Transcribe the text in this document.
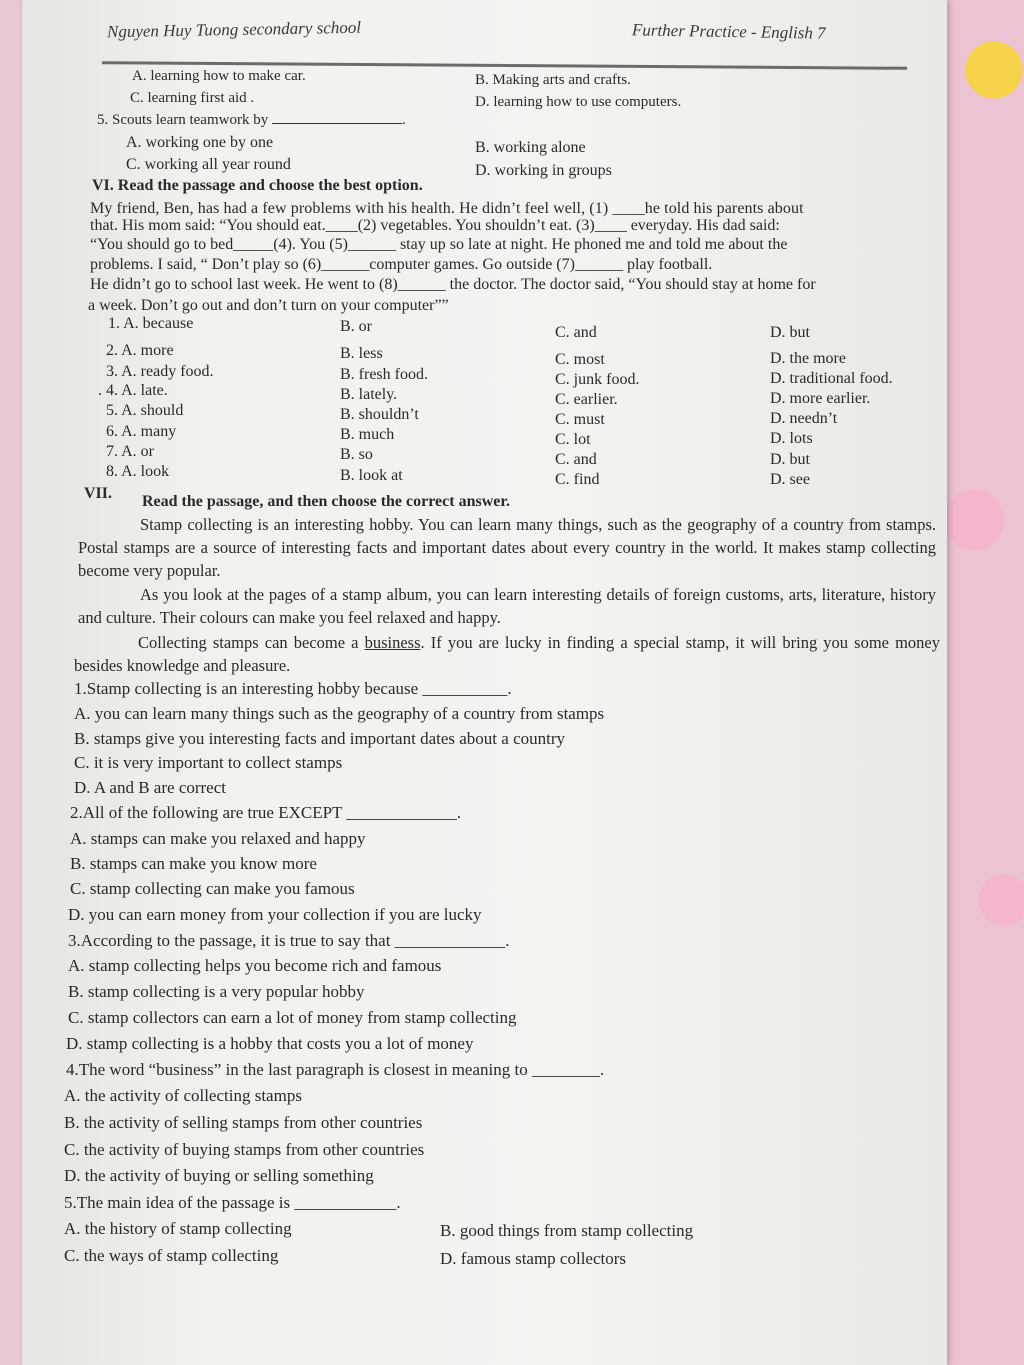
Nguyen Huy Tuong secondary school	Further Practice - English 7
A. learning how to make car.	B. Making arts and crafts.
C. learning first aid .	D. learning how to use computers.
5. Scouts learn teamwork by	.
A. working one by one	B. working alone
C. working all year round	D. working in groups
VI. Read the passage and choose the best option.
My friend, Ben, has had a few problems with his health. He didn’t feel well, (1) ____he told his parents about
that. His mom said: “You should eat.____(2) vegetables. You shouldn’t eat. (3)____ everyday. His dad said:
“You should go to bed_____(4). You (5)______ stay up so late at night. He phoned me and told me about the
problems. I said, “ Don’t play so (6)______computer games. Go outside (7)______ play football.
He didn’t go to school last week. He went to (8)______ the doctor. The doctor said, “You should stay at home for
a week. Don’t go out and don’t turn on your computer””
1. A. because	B. or	C. and	D. but
2. A. more	B. less	C. most	D. the more
3. A. ready food.	B. fresh food.	C. junk food.	D. traditional food.
. 4. A. late.	B. lately.	C. earlier.	D. more earlier.
5. A. should	B. shouldn’t	C. must	D. needn’t
6. A. many	B. much	C. lot	D. lots
7. A. or	B. so	C. and	D. but
8. A. look	B. look at	C. find	D. see
VII. Read the passage, and then choose the correct answer.
Stamp collecting is an interesting hobby. You can learn many things, such as the geography of a country from stamps. Postal stamps are a source of interesting facts and important dates about every country in the world. It makes stamp collecting become very popular.
As you look at the pages of a stamp album, you can learn interesting details of foreign customs, arts, literature, history and culture. Their colours can make you feel relaxed and happy.
Collecting stamps can become a business. If you are lucky in finding a special stamp, it will bring you some money besides knowledge and pleasure.
1.Stamp collecting is an interesting hobby because __________.
A. you can learn many things such as the geography of a country from stamps
B. stamps give you interesting facts and important dates about a country
C. it is very important to collect stamps
D. A and B are correct
2.All of the following are true EXCEPT _____________.
A. stamps can make you relaxed and happy
B. stamps can make you know more
C. stamp collecting can make you famous
D. you can earn money from your collection if you are lucky
3.According to the passage, it is true to say that _____________.
A. stamp collecting helps you become rich and famous
B. stamp collecting is a very popular hobby
C. stamp collectors can earn a lot of money from stamp collecting
D. stamp collecting is a hobby that costs you a lot of money
4.The word “business” in the last paragraph is closest in meaning to ________.
A. the activity of collecting stamps
B. the activity of selling stamps from other countries
C. the activity of buying stamps from other countries
D. the activity of buying or selling something
5.The main idea of the passage is ____________.
A. the history of stamp collecting	B. good things from stamp collecting
C. the ways of stamp collecting	D. famous stamp collectors
